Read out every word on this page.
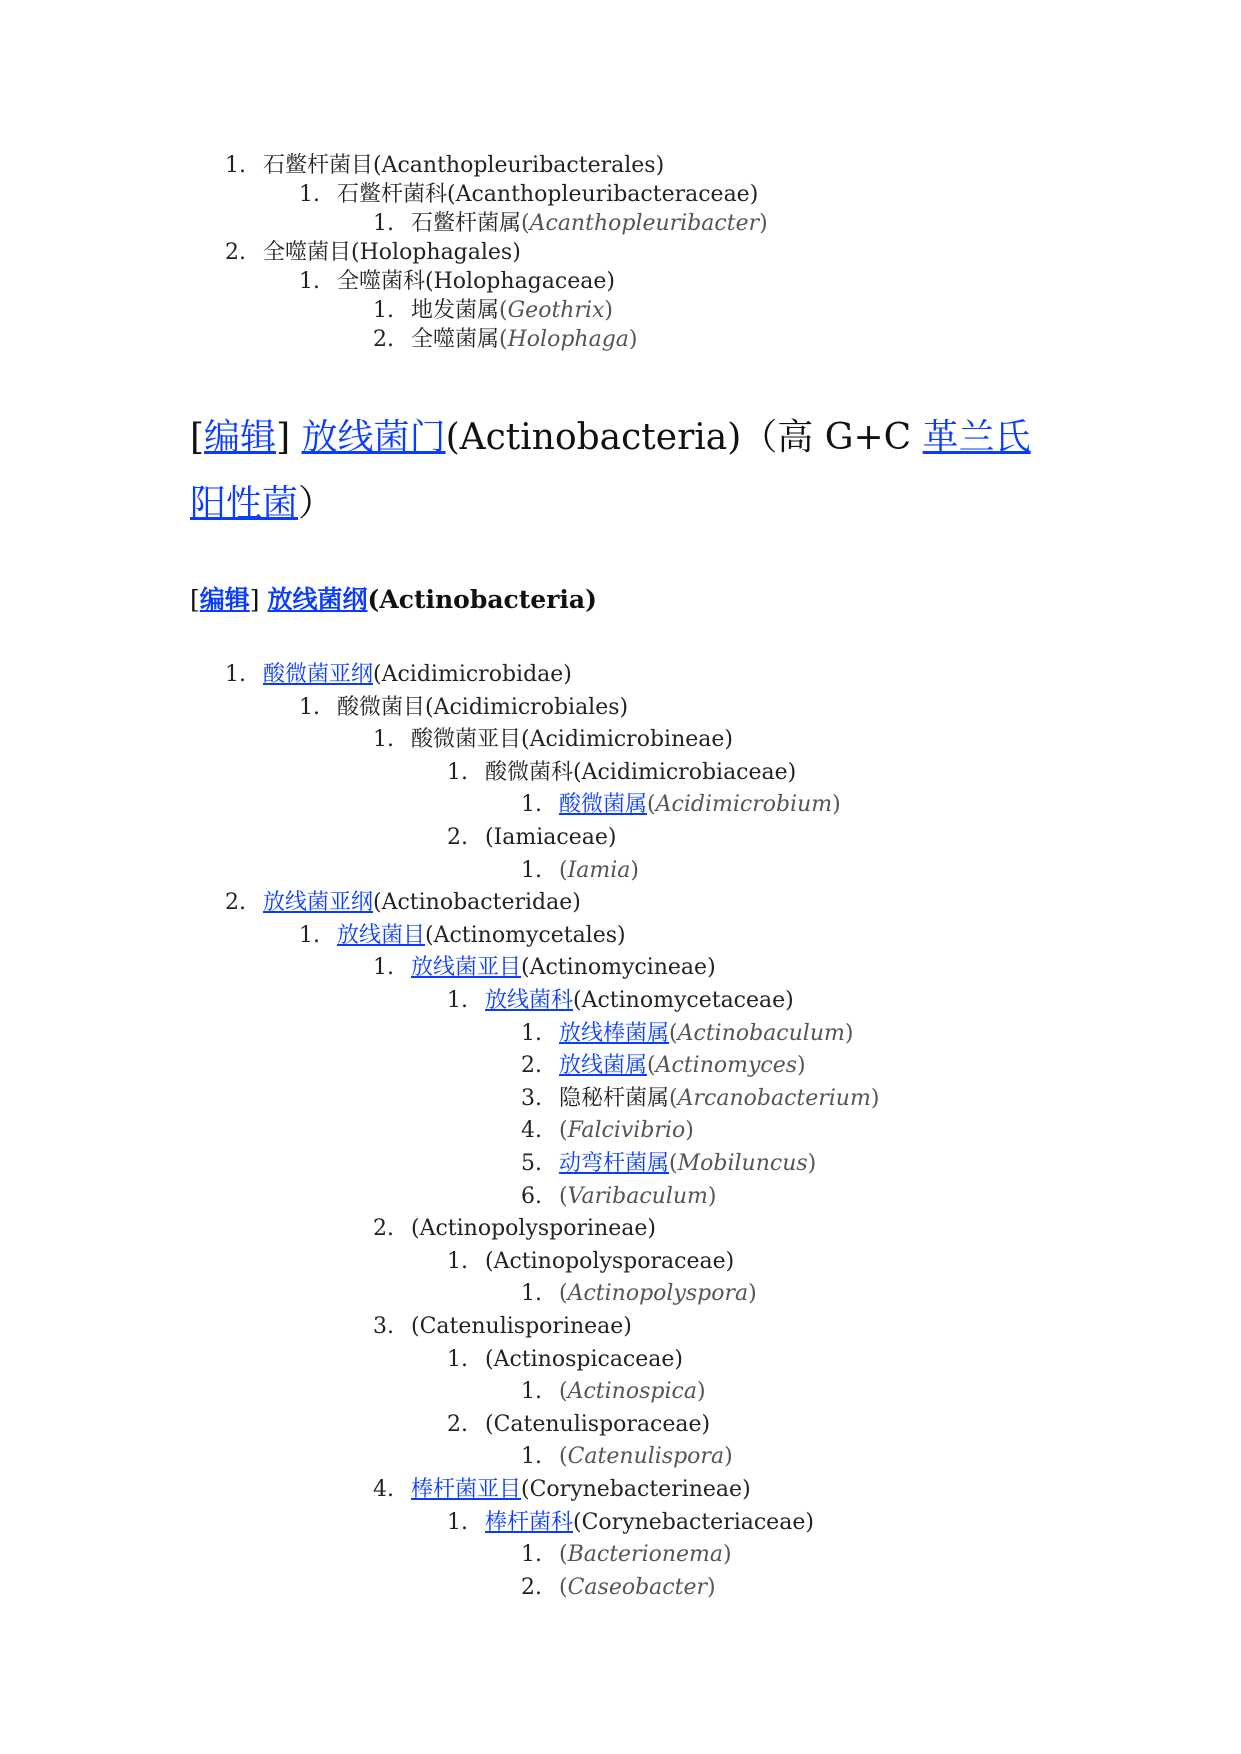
1. 石鳖杆菌目(Acanthopleuribacterales)
1. 石鳖杆菌科(Acanthopleuribacteraceae)
1. 石鳖杆菌属(Acanthopleuribacter)
2. 全噬菌目(Holophagales)
1. 全噬菌科(Holophagaceae)
1. 地发菌属(Geothrix)
2. 全噬菌属(Holophaga)
[编辑] 放线菌门(Actinobacteria)（高 G+C 革兰氏
阳性菌）
[编辑] 放线菌纲(Actinobacteria)
1. 酸微菌亚纲(Acidimicrobidae)
1. 酸微菌目(Acidimicrobiales)
1. 酸微菌亚目(Acidimicrobineae)
1. 酸微菌科(Acidimicrobiaceae)
1. 酸微菌属(Acidimicrobium)
2. (Iamiaceae)
1. (Iamia)
2. 放线菌亚纲(Actinobacteridae)
1. 放线菌目(Actinomycetales)
1. 放线菌亚目(Actinomycineae)
1. 放线菌科(Actinomycetaceae)
1. 放线棒菌属(Actinobaculum)
2. 放线菌属(Actinomyces)
3. 隐秘杆菌属(Arcanobacterium)
4. (Falcivibrio)
5. 动弯杆菌属(Mobiluncus)
6. (Varibaculum)
2. (Actinopolysporineae)
1. (Actinopolysporaceae)
1. (Actinopolyspora)
3. (Catenulisporineae)
1. (Actinospicaceae)
1. (Actinospica)
2. (Catenulisporaceae)
1. (Catenulispora)
4. 棒杆菌亚目(Corynebacterineae)
1. 棒杆菌科(Corynebacteriaceae)
1. (Bacterionema)
2. (Caseobacter)
